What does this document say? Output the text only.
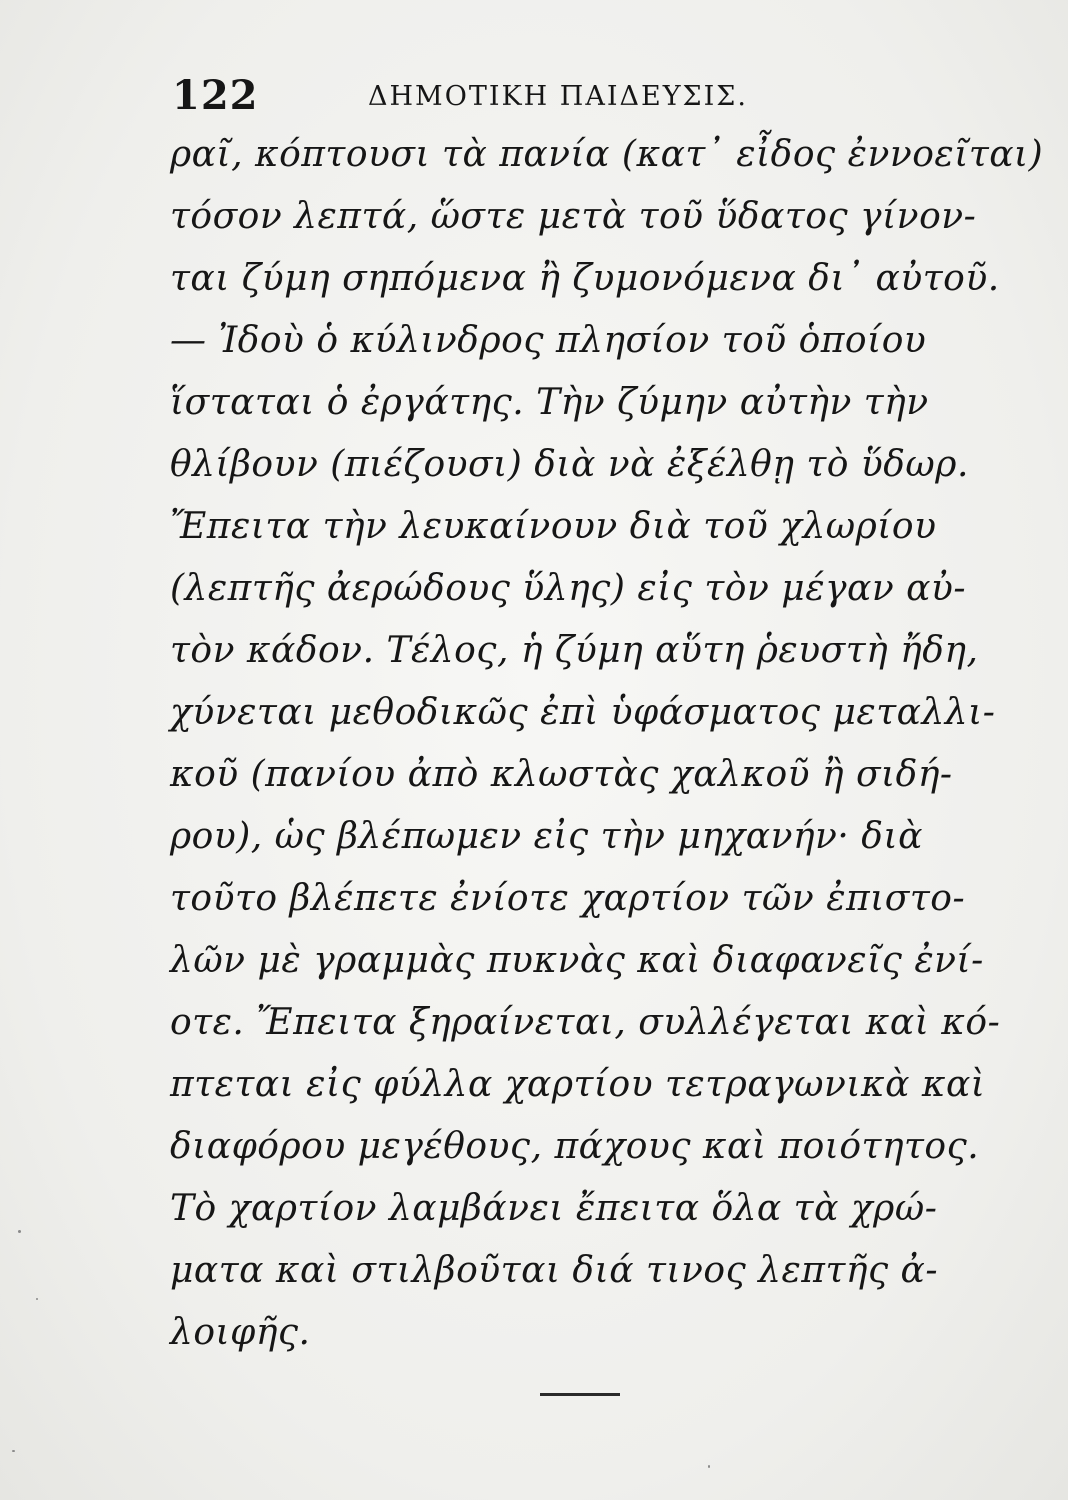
122	ΔΗΜΟΤΙΚΗ ΠΑΙΔΕΥΣΙΣ.
ραῖ, κόπτουσι τὰ πανία (κατ᾽ εἶδος ἐννοεῖται)
τόσον λεπτά, ὥστε μετὰ τοῦ ὕδατος γίνον-
ται ζύμη σηπόμενα ἢ ζυμονόμενα δι᾽ αὐτοῦ.
— Ἰδοὺ ὁ κύλινδρος πλησίον τοῦ ὁποίου
ἵσταται ὁ ἐργάτης. Τὴν ζύμην αὐτὴν τὴν
θλίβουν (πιέζουσι) διὰ νὰ ἐξέλθῃ τὸ ὕδωρ.
Ἔπειτα τὴν λευκαίνουν διὰ τοῦ χλωρίου
(λεπτῆς ἀερώδους ὕλης) εἰς τὸν μέγαν αὐ-
τὸν κάδον. Τέλος, ἡ ζύμη αὕτη ῥευστὴ ἤδη,
χύνεται μεθοδικῶς ἐπὶ ὑφάσματος μεταλλι-
κοῦ (πανίου ἀπὸ κλωστὰς χαλκοῦ ἢ σιδή-
ρου), ὡς βλέπωμεν εἰς τὴν μηχανήν· διὰ
τοῦτο βλέπετε ἐνίοτε χαρτίον τῶν ἐπιστο-
λῶν μὲ γραμμὰς πυκνὰς καὶ διαφανεῖς ἐνί-
οτε. Ἔπειτα ξηραίνεται, συλλέγεται καὶ κό-
πτεται εἰς φύλλα χαρτίου τετραγωνικὰ καὶ
διαφόρου μεγέθους, πάχους καὶ ποιότητος.
Τὸ χαρτίον λαμβάνει ἔπειτα ὅλα τὰ χρώ-
ματα καὶ στιλβοῦται διά τινος λεπτῆς ἀ-
λοιφῆς.
